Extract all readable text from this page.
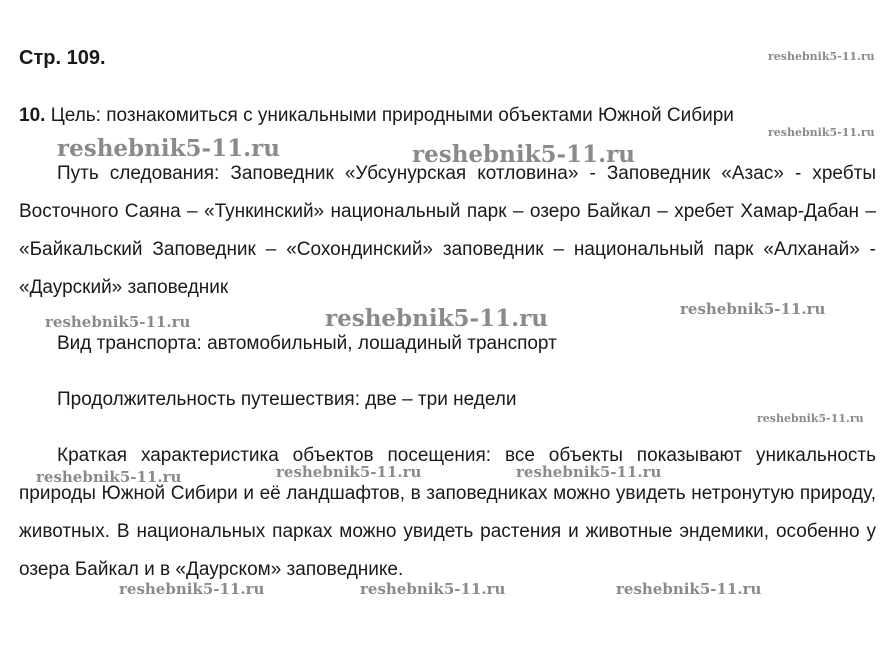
Стр. 109.
10. Цель: познакомиться с уникальными природными объектами Южной Сибири

Путь следования: Заповедник «Убсунурская котловина» - Заповедник «Азас» - хребты Восточного Саяна – «Тункинский» национальный парк – озеро Байкал – хребет Хамар-Дабан – «Байкальский Заповедник – «Сохондинский» заповедник – национальный парк «Алханай» - «Даурский» заповедник

Вид транспорта: автомобильный, лошадиный транспорт

Продолжительность путешествия: две – три недели

Краткая характеристика объектов посещения: все объекты показывают уникальность природы Южной Сибири и её ландшафтов, в заповедниках можно увидеть нетронутую природу, животных. В национальных парках можно увидеть растения и животные эндемики, особенно у озера Байкал и в «Даурском» заповеднике.

reshebnik5-11.ru
reshebnik5-11.ru
reshebnik5-11.ru	reshebnik5-11.ru
reshebnik5-11.ru	reshebnik5-11.ru	reshebnik5-11.ru
reshebnik5-11.ru
reshebnik5-11.ru	reshebnik5-11.ru	reshebnik5-11.ru
reshebnik5-11.ru	reshebnik5-11.ru	reshebnik5-11.ru
